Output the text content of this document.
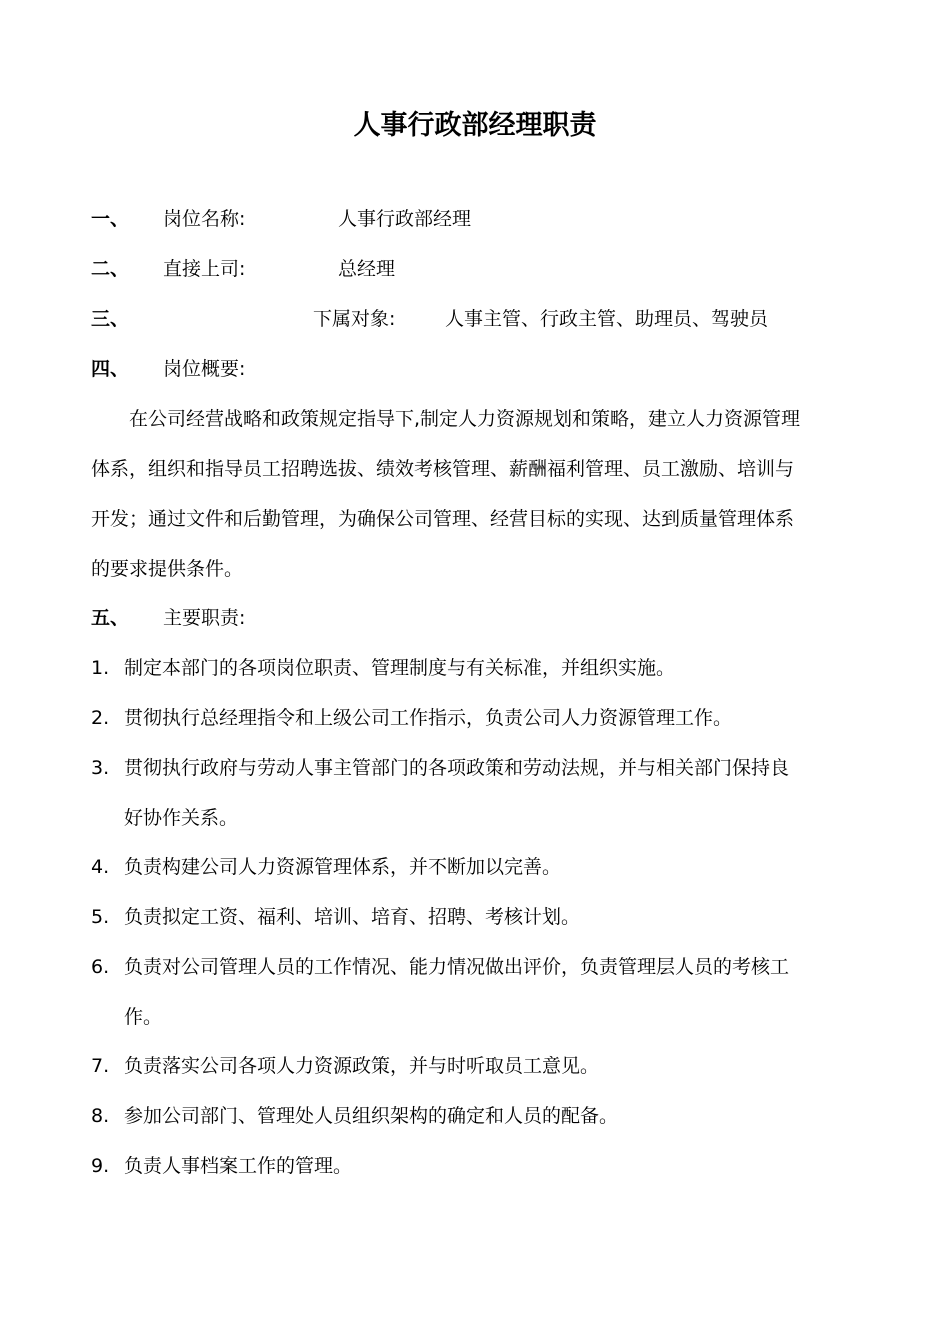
人事行政部经理职责
一、 岗位名称:	人事行政部经理
二、 直接上司:	总经理
三、	下属对象:	人事主管、行政主管、助理员、驾驶员
四、 岗位概要:
在公司经营战略和政策规定指导下,制定人力资源规划和策略，建立人力资源管理
体系，组织和指导员工招聘选拔、绩效考核管理、薪酬福利管理、员工激励、培训与
开发；通过文件和后勤管理，为确保公司管理、经营目标的实现、达到质量管理体系
的要求提供条件。
五、 主要职责:
1. 制定本部门的各项岗位职责、管理制度与有关标准，并组织实施。
2. 贯彻执行总经理指令和上级公司工作指示，负责公司人力资源管理工作。
3. 贯彻执行政府与劳动人事主管部门的各项政策和劳动法规，并与相关部门保持良
好协作关系。
4. 负责构建公司人力资源管理体系，并不断加以完善。
5. 负责拟定工资、福利、培训、培育、招聘、考核计划。
6. 负责对公司管理人员的工作情况、能力情况做出评价，负责管理层人员的考核工
作。
7. 负责落实公司各项人力资源政策，并与时听取员工意见。
8. 参加公司部门、管理处人员组织架构的确定和人员的配备。
9. 负责人事档案工作的管理。
